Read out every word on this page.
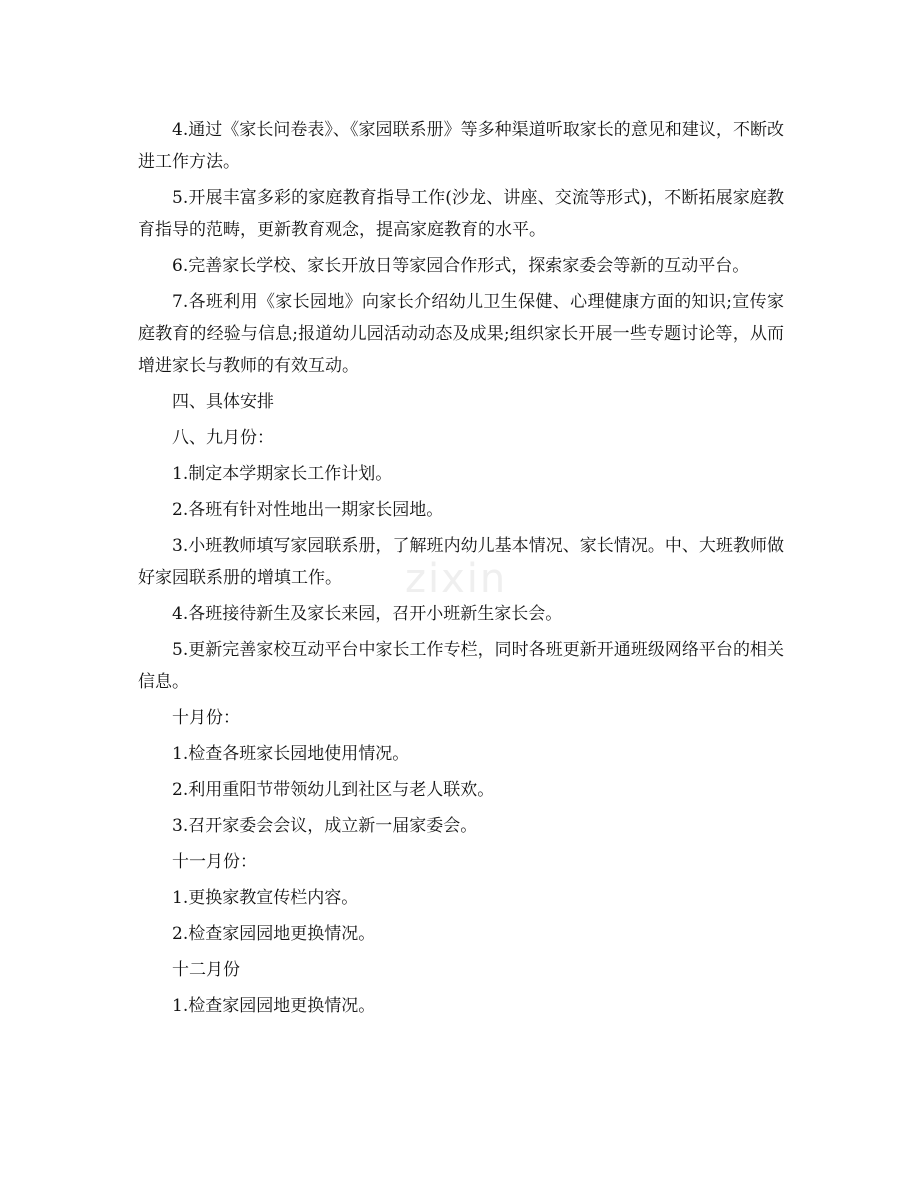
zixin

4.通过《家长问卷表》、《家园联系册》等多种渠道听取家长的意见和建议，不断改进工作方法。

5.开展丰富多彩的家庭教育指导工作(沙龙、讲座、交流等形式)，不断拓展家庭教育指导的范畴，更新教育观念，提高家庭教育的水平。

6.完善家长学校、家长开放日等家园合作形式，探索家委会等新的互动平台。

7.各班利用《家长园地》向家长介绍幼儿卫生保健、心理健康方面的知识;宣传家庭教育的经验与信息;报道幼儿园活动动态及成果;组织家长开展一些专题讨论等，从而增进家长与教师的有效互动。

四、具体安排

八、九月份：

1.制定本学期家长工作计划。

2.各班有针对性地出一期家长园地。

3.小班教师填写家园联系册，了解班内幼儿基本情况、家长情况。中、大班教师做好家园联系册的增填工作。

4.各班接待新生及家长来园，召开小班新生家长会。

5.更新完善家校互动平台中家长工作专栏，同时各班更新开通班级网络平台的相关信息。

十月份：

1.检查各班家长园地使用情况。

2.利用重阳节带领幼儿到社区与老人联欢。

3.召开家委会会议，成立新一届家委会。

十一月份：

1.更换家教宣传栏内容。

2.检查家园园地更换情况。

十二月份

1.检查家园园地更换情况。
